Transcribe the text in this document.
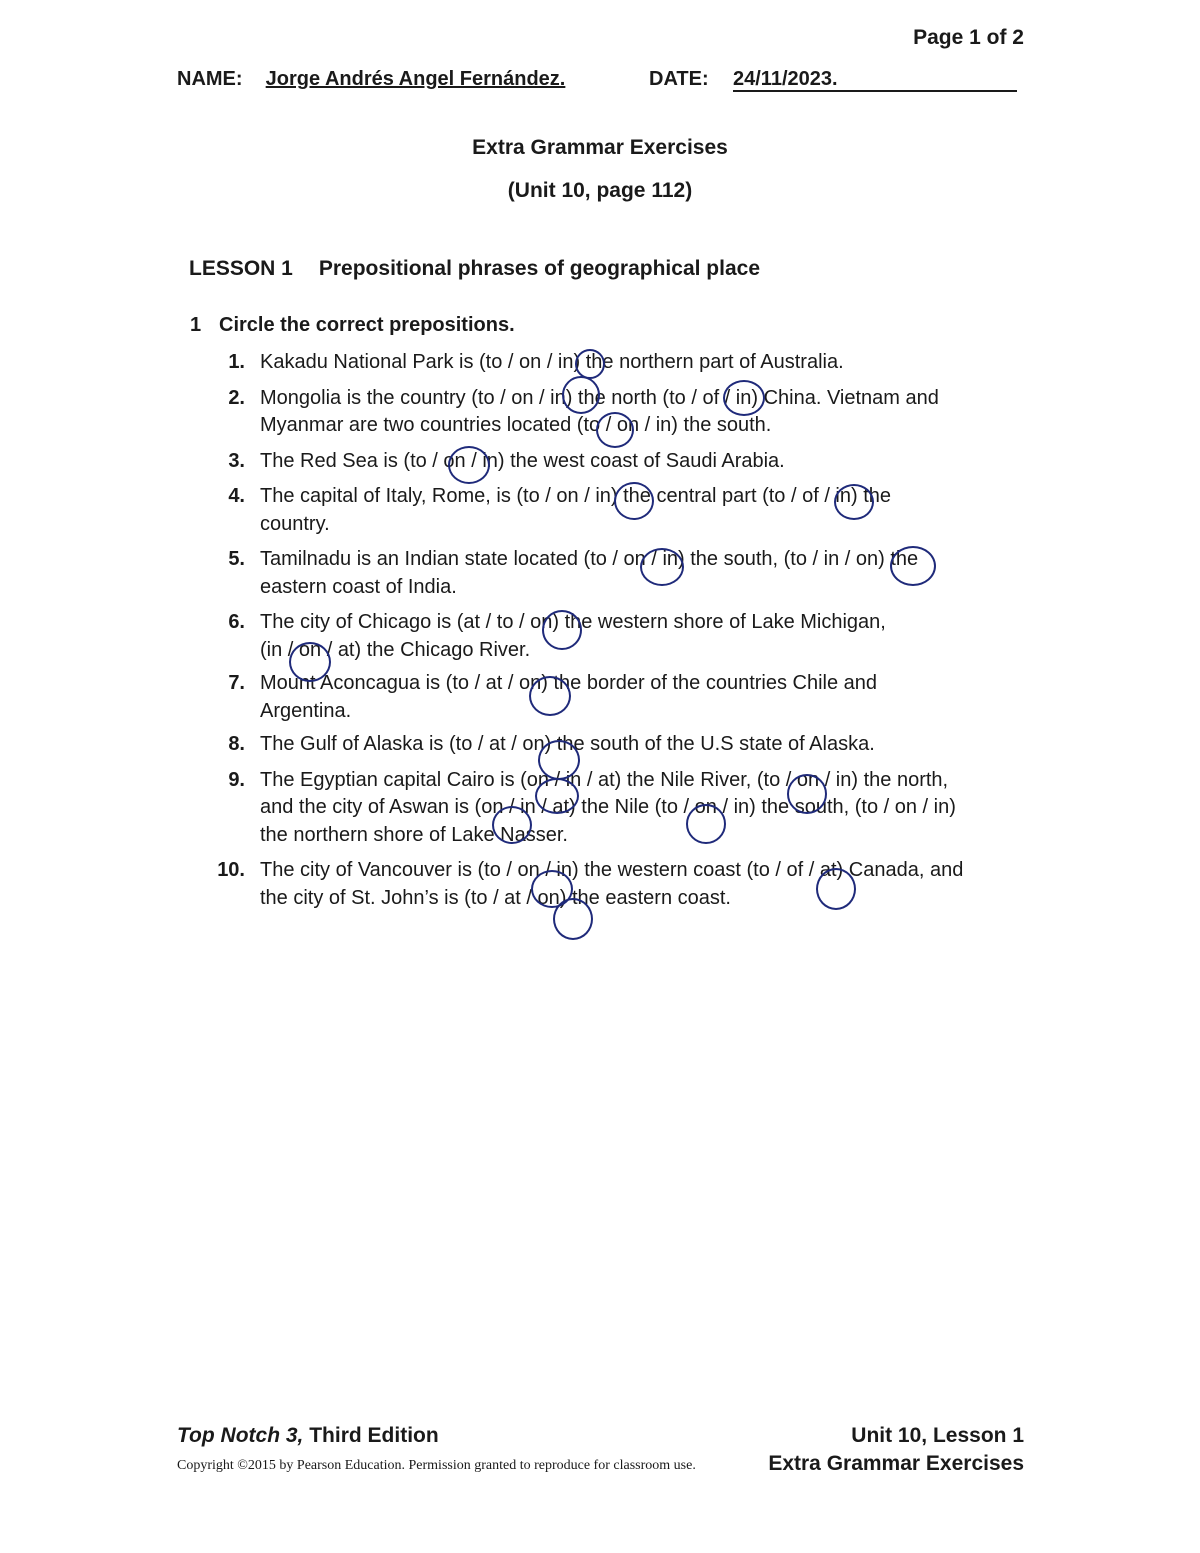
Page 1 of 2
NAME: Jorge Andrés Angel Fernández.	DATE: 24/11/2023.
Extra Grammar Exercises
(Unit 10, page 112)
LESSON 1 Prepositional phrases of geographical place
1 Circle the correct prepositions.
1. Kakadu National Park is (to / on / in) the northern part of Australia.
2. Mongolia is the country (to / on / in) the north (to / of / in) China. Vietnam and
Myanmar are two countries located (to / on / in) the south.
3. The Red Sea is (to / on / in) the west coast of Saudi Arabia.
4. The capital of Italy, Rome, is (to / on / in) the central part (to / of / in) the
country.
5. Tamilnadu is an Indian state located (to / on / in) the south, (to / in / on) the
eastern coast of India.
6. The city of Chicago is (at / to / on) the western shore of Lake Michigan,
(in / on / at) the Chicago River.
7. Mount Aconcagua is (to / at / on) the border of the countries Chile and
Argentina.
8. The Gulf of Alaska is (to / at / on) the south of the U.S state of Alaska.
9. The Egyptian capital Cairo is (on / in / at) the Nile River, (to / on / in) the north,
and the city of Aswan is (on / in / at) the Nile (to / on / in) the south, (to / on / in)
the northern shore of Lake Nasser.
10. The city of Vancouver is (to / on / in) the western coast (to / of / at) Canada, and
the city of St. John’s is (to / at / on) the eastern coast.
Top Notch 3, Third Edition	Unit 10, Lesson 1
Copyright ©2015 by Pearson Education. Permission granted to reproduce for classroom use.	Extra Grammar Exercises
